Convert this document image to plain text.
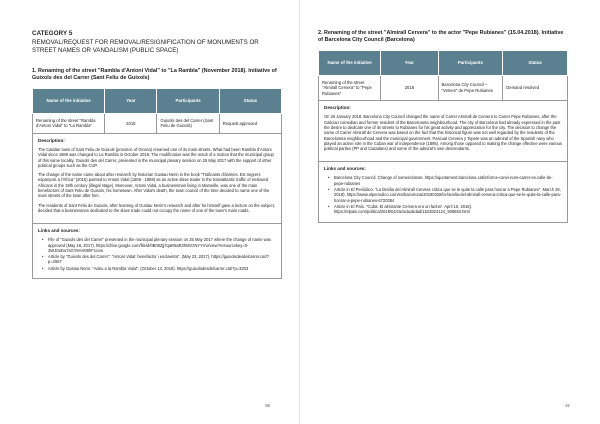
CATEGORY 5
REMOVAL/REQUEST FOR REMOVAL/RESIGNIFICATION OF MONUMENTS OR STREET NAMES OR VANDALISM (PUBLIC SPACE)
1. Renaming of the street "Rambla d'Antoni Vidal" to "La Rambla" (November 2018). Initiative of Guixols des del Carrer (Sant Feliu de Guixols)
Name of the initiative	Year	Participants	Status
Renaming of the street "Rambla d'Antoni Vidal" to "La Rambla"	2018	Guixols des del Carrer (Sant Feliu de Guixols)	Request approved
Description:

The Catalan town of Sant Feliu de Guixols (province of Girona) renamed one of its main streets. What had been Rambla d'Antoni Vidal since 1889 was changed to La Rambla in October 2018. The modification was the result of a motion that the municipal group of this same locality, Guixols des del Carrer, presented in the municipal plenary session on 25 May 2017 with the support of other political groups such as the CUP.

The change of the name came about after research by historian Gustau Nerin in the book "Traficants d'ànimes. Els negrers espanyols a l'Àfrica" (2015) pointed to Antoni Vidal (1806 - 1888) as an active slave trader in the transatlantic traffic of enslaved Africans in the 19th century (illegal stage). Moreover, Antoni Vidal, a businessman living in Marseille, was one of the main benefactors of Sant Feliu de Guixols, his hometown. After Vidal's death, the town council of the time decided to name one of the main streets of the town after him.

The residents of Sant Feliu de Guixols, after learning of Gustau Nerin's research and after he himself gave a lecture on the subject, decided that a businessman dedicated to the slave trade could not occupy the name of one of the town's main roads.

Links and sources:
• File of "Guixols des del Carrer" presented in the municipal plenary session on 25 May 2017 where the change of name was approved (May 18, 2017). https://drive.google.com/file/d/0B08Zjj7qaR5aR2hMVzNYYVU/view?resourcekey=0-3WJ0xEw7sGY9AH09hF1cvw
• Article by "Guixols des del Carrer": "Antoni Vidal: benefactor i esclavista". (May 23, 2017). https://guixolsdesdelcarrer.cat/?p=2567
• Article by Gustau Nerin. "Adeu a la Rambla Vidal". (October 13, 2018). https://guixolsdesdelcarrer.cat/?p=3203
60
2. Renaming of the street "Almirall Cervera" to the actor "Pepe Rubianes" (15.04.2018). Initiative of Barcelona City Council (Barcelona)
Name of the initiative	Year	Participants	Status
Renaming of the street "Almirall Cervera" to "Pepe Rubianes"	2018	Barcelona City Council – "Veïnes" de Pepe Rubianes	Demand resolved
Description:

On 26 January 2018, Barcelona City Council changed the name of Carrer Almirall de Cervera to Carrer Pepe Rubianes, after the Galician comedian and former resident of the Barceloneta neighbourhood. The city of Barcelona had already expressed in the past the desire to dedicate one of its streets to Rubianes for his great activity and appreciation for the city. The decision to change the name of Carrer Almirall de Cervera was based on the fact that this historical figure was not well regarded by the residents of the Barceloneta neighbourhood and the municipal government. Pascual Cervera y Topete was an admiral of the Spanish navy who played an active role in the Cuban war of independence (1895). Among those opposed to making the change effective were various political parties (PP and Ciutadans) and some of the admiral's own descendants.

Links and sources:
• Barcelona City Council. Change of nomenclature. https://ajuntament.barcelona.cat/informe-canvi-nom-carrer-es.calle-de-pepe-rubianes
• Article in El Periódico. "La familia del Almirall Cervera critica que se le quite la calle para honrar a Pepe Rubianes". March 28, 2018). https://www.elperiodico.com/es/barcelona/20180328/la-familia-del-almirall-cervera-critica-que-se-le-quite-la-calle-para-honrar-a-pepe-rubianes-6720384
• Article in El País. "Cuba: El almirante Cervera era un facha". April 16, 2018). https://elpais.com/politica/2018/04/15/actualidad/1523824124_906953.html
61
